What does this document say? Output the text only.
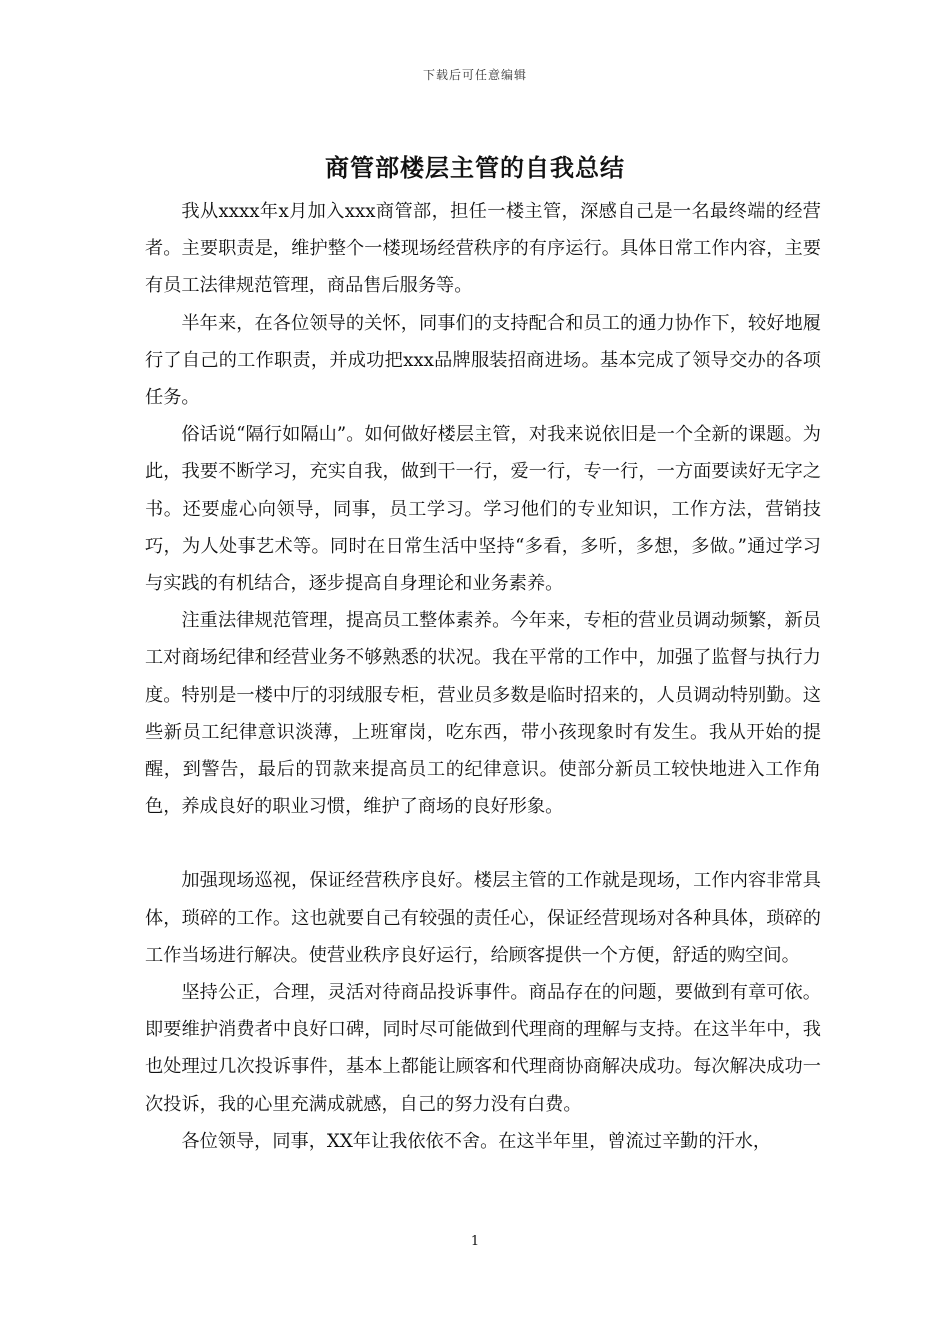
下载后可任意编辑
商管部楼层主管的自我总结

我从xxxx年x月加入xxx商管部，担任一楼主管，深感自己是一名最终端的经营者。主要职责是，维护整个一楼现场经营秩序的有序运行。具体日常工作内容，主要有员工法律规范管理，商品售后服务等。

半年来，在各位领导的关怀，同事们的支持配合和员工的通力协作下，较好地履行了自己的工作职责，并成功把xxx品牌服装招商进场。基本完成了领导交办的各项任务。

俗话说“隔行如隔山”。如何做好楼层主管，对我来说依旧是一个全新的课题。为此，我要不断学习，充实自我，做到干一行，爱一行，专一行，一方面要读好无字之书。还要虚心向领导，同事，员工学习。学习他们的专业知识，工作方法，营销技巧，为人处事艺术等。同时在日常生活中坚持“多看，多听，多想，多做。”通过学习与实践的有机结合，逐步提高自身理论和业务素养。

注重法律规范管理，提高员工整体素养。今年来，专柜的营业员调动频繁，新员工对商场纪律和经营业务不够熟悉的状况。我在平常的工作中，加强了监督与执行力度。特别是一楼中厅的羽绒服专柜，营业员多数是临时招来的，人员调动特别勤。这些新员工纪律意识淡薄，上班窜岗，吃东西，带小孩现象时有发生。我从开始的提醒，到警告，最后的罚款来提高员工的纪律意识。使部分新员工较快地进入工作角色，养成良好的职业习惯，维护了商场的良好形象。

加强现场巡视，保证经营秩序良好。楼层主管的工作就是现场，工作内容非常具体，琐碎的工作。这也就要自己有较强的责任心，保证经营现场对各种具体，琐碎的工作当场进行解决。使营业秩序良好运行，给顾客提供一个方便，舒适的购空间。

坚持公正，合理，灵活对待商品投诉事件。商品存在的问题，要做到有章可依。即要维护消费者中良好口碑，同时尽可能做到代理商的理解与支持。在这半年中，我也处理过几次投诉事件，基本上都能让顾客和代理商协商解决成功。每次解决成功一次投诉，我的心里充满成就感，自己的努力没有白费。

各位领导，同事，XX年让我依依不舍。在这半年里，曾流过辛勤的汗水，

1
